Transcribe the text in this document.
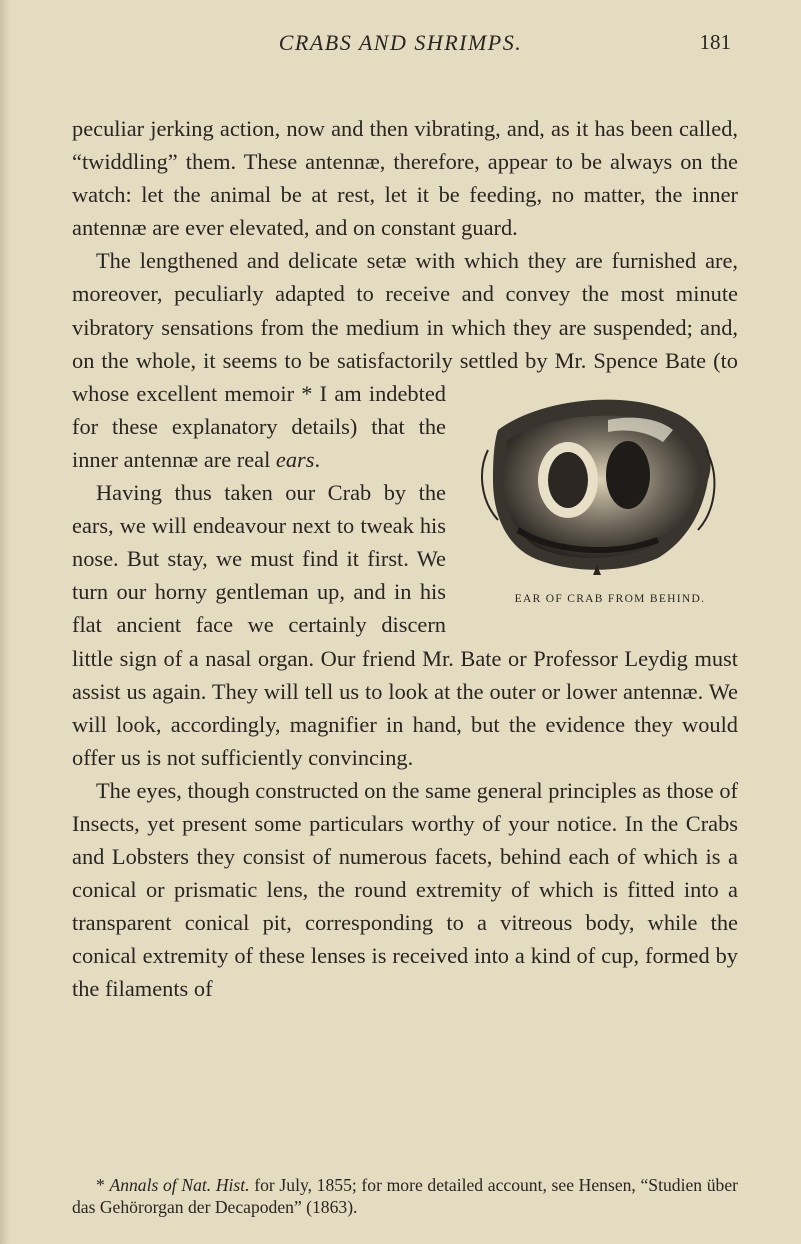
CRABS AND SHRIMPS.	181

peculiar jerking action, now and then vibrating, and, as it has been called, “twiddling” them. These antennæ, therefore, appear to be always on the watch: let the animal be at rest, let it be feeding, no matter, the inner antennæ are ever elevated, and on constant guard.

The lengthened and delicate setæ with which they are furnished are, moreover, peculiarly adapted to receive and convey the most minute vibratory sensations from the medium in which they are suspended; and, on the whole, it seems to be satisfactorily settled by Mr. Spence Bate (to whose excellent memoir
EAR OF CRAB FROM BEHIND.
* I am indebted for these explanatory details) that the inner antennæ are real ears.

Having thus taken our Crab by the ears, we will endeavour next to tweak his nose. But stay, we must find it first. We turn our horny gentleman up, and in his flat ancient face we certainly discern little sign of a nasal organ. Our friend Mr. Bate or Professor Leydig must assist us again. They will tell us to look at the outer or lower antennæ. We will look, accordingly, magnifier in hand, but the evidence they would offer us is not sufficiently convincing.

The eyes, though constructed on the same general principles as those of Insects, yet present some particulars worthy of your notice. In the Crabs and Lobsters they consist of numerous facets, behind each of which is a conical or prismatic lens, the round extremity of which is fitted into a transparent conical pit, corresponding to a vitreous body, while the conical extremity of these lenses is received into a kind of cup, formed by the filaments of

* Annals of Nat. Hist. for July, 1855; for more detailed account, see Hensen, “Studien über das Gehörorgan der Decapoden” (1863).
